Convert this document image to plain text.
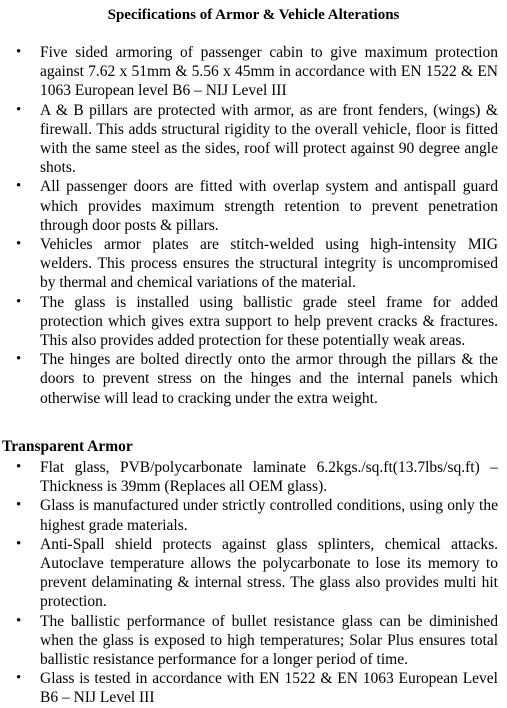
Specifications of Armor & Vehicle Alterations
• Five sided armoring of passenger cabin to give maximum protection against 7.62 x 51mm & 5.56 x 45mm in accordance with EN 1522 & EN 1063 European level B6 – NIJ Level III
• A & B pillars are protected with armor, as are front fenders, (wings) & firewall. This adds structural rigidity to the overall vehicle, floor is fitted with the same steel as the sides, roof will protect against 90 degree angle shots.
• All passenger doors are fitted with overlap system and antispall guard which provides maximum strength retention to prevent penetration through door posts & pillars.
• Vehicles armor plates are stitch-welded using high-intensity MIG welders. This process ensures the structural integrity is uncompromised by thermal and chemical variations of the material.
• The glass is installed using ballistic grade steel frame for added protection which gives extra support to help prevent cracks & fractures. This also provides added protection for these potentially weak areas.
• The hinges are bolted directly onto the armor through the pillars & the doors to prevent stress on the hinges and the internal panels which otherwise will lead to cracking under the extra weight.
Transparent Armor
• Flat glass, PVB/polycarbonate laminate 6.2kgs./sq.ft(13.7lbs/sq.ft) – Thickness is 39mm (Replaces all OEM glass).
• Glass is manufactured under strictly controlled conditions, using only the highest grade materials.
• Anti-Spall shield protects against glass splinters, chemical attacks. Autoclave temperature allows the polycarbonate to lose its memory to prevent delaminating & internal stress. The glass also provides multi hit protection.
• The ballistic performance of bullet resistance glass can be diminished when the glass is exposed to high temperatures; Solar Plus ensures total ballistic resistance performance for a longer period of time.
• Glass is tested in accordance with EN 1522 & EN 1063 European Level B6 – NIJ Level III
